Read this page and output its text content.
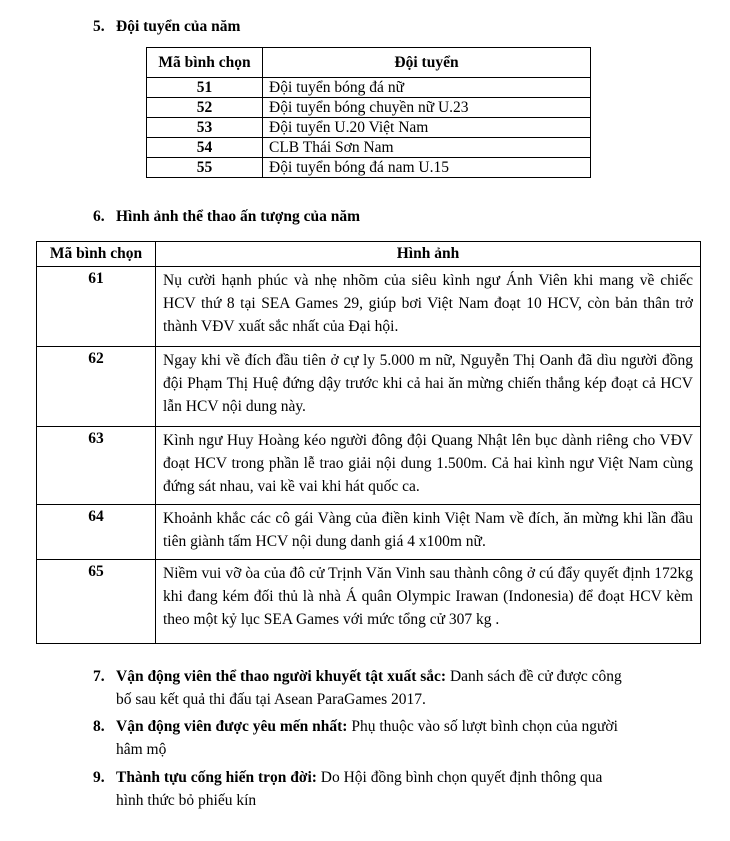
5. Đội tuyển của năm
Mã bình chọn	Đội tuyển
51	Đội tuyển bóng đá nữ
52	Đội tuyển bóng chuyền nữ U.23
53	Đội tuyển U.20 Việt Nam
54	CLB Thái Sơn Nam
55	Đội tuyển bóng đá nam U.15
6. Hình ảnh thể thao ấn tượng của năm
Mã bình chọn	Hình ảnh
61	Nụ cười hạnh phúc và nhẹ nhõm của siêu kình ngư Ánh Viên khi mang về chiếc HCV thứ 8 tại SEA Games 29, giúp bơi Việt Nam đoạt 10 HCV, còn bản thân trở thành VĐV xuất sắc nhất của Đại hội.
62	Ngay khi về đích đầu tiên ở cự ly 5.000 m nữ, Nguyễn Thị Oanh đã dìu người đồng đội Phạm Thị Huệ đứng dậy trước khi cả hai ăn mừng chiến thắng kép đoạt cả HCV lẫn HCV nội dung này.
63	Kình ngư Huy Hoàng kéo người đông đội Quang Nhật lên bục dành riêng cho VĐV đoạt HCV trong phần lễ trao giải nội dung 1.500m. Cả hai kình ngư Việt Nam cùng đứng sát nhau, vai kề vai khi hát quốc ca.
64	Khoảnh khắc các cô gái Vàng của điền kinh Việt Nam về đích, ăn mừng khi lần đầu tiên giành tấm HCV nội dung danh giá 4 x100m nữ.
65	Niềm vui vỡ òa của đô cử Trịnh Văn Vinh sau thành công ở cú đẩy quyết định 172kg khi đang kém đối thủ là nhà Á quân Olympic Irawan (Indonesia) để đoạt HCV kèm theo một kỷ lục SEA Games với mức tổng cử 307 kg .
7. Vận động viên thể thao người khuyết tật xuất sắc: Danh sách đề cử được công
bố sau kết quả thi đấu tại Asean ParaGames 2017.
8. Vận động viên được yêu mến nhất: Phụ thuộc vào số lượt bình chọn của người
hâm mộ
9. Thành tựu cống hiến trọn đời: Do Hội đồng bình chọn quyết định thông qua
hình thức bỏ phiếu kín
